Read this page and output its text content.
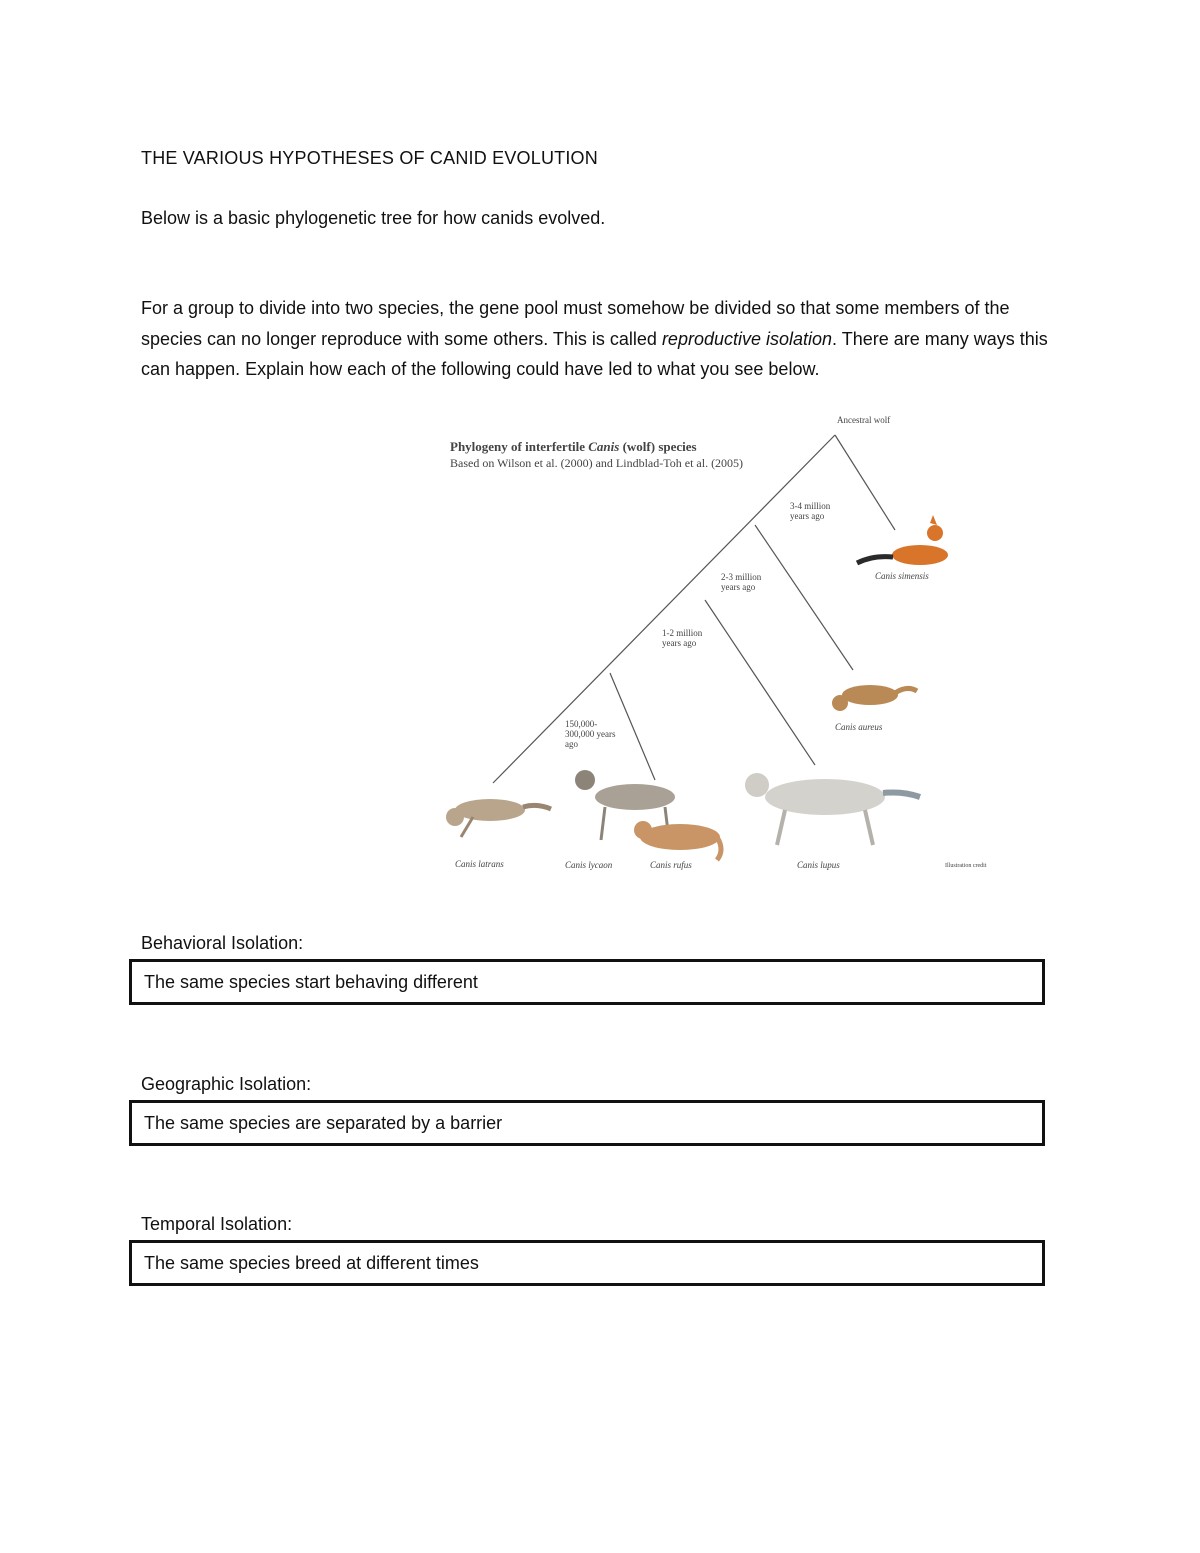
THE VARIOUS HYPOTHESES OF CANID EVOLUTION
Below is a basic phylogenetic tree for how canids evolved.
For a group to divide into two species, the gene pool must somehow be divided so that some members of the species can no longer reproduce with some others. This is called reproductive isolation. There are many ways this can happen. Explain how each of the following could have led to what you see below.
Phylogeny of interfertile Canis (wolf) species
Based on Wilson et al. (2000) and Lindblad-Toh et al. (2005)
Ancestral wolf
3-4 million
years ago
2-3 million
years ago
1-2 million
years ago
150,000-
300,000 years
ago
Canis simensis
Canis aureus
Canis latrans	Canis lycaon	Canis rufus	Canis lupus	Illustration credit
Behavioral Isolation:
The same species start behaving different
Geographic Isolation:
The same species are separated by a barrier
Temporal Isolation:
The same species breed at different times
